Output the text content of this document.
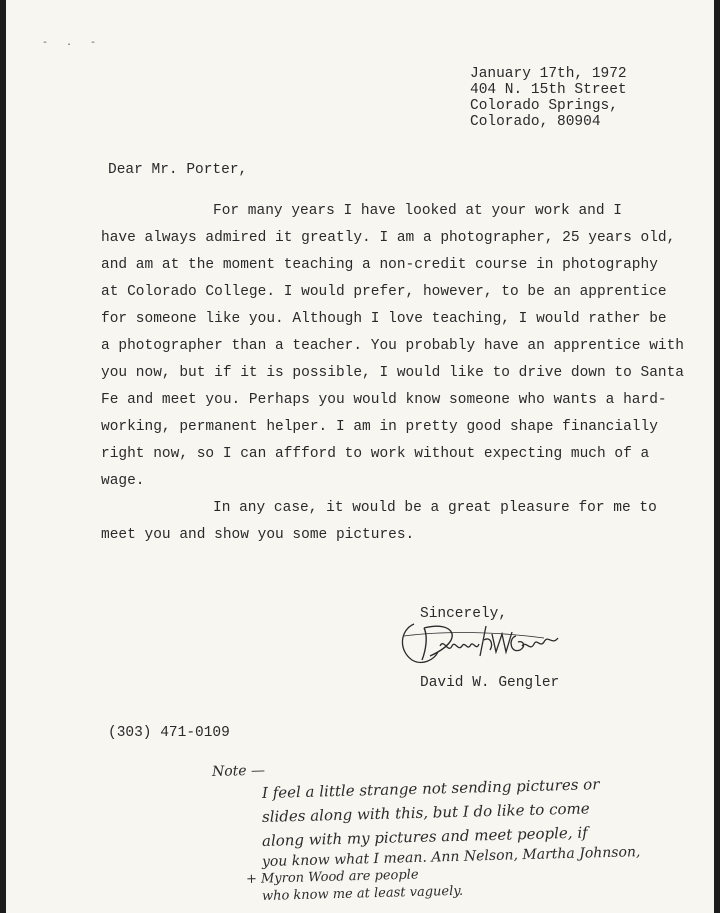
- . -
January 17th, 1972
404 N. 15th Street
Colorado Springs,
Colorado, 80904
Dear Mr. Porter,
For many years I have looked at your work and I
have always admired it greatly. I am a photographer, 25 years old,
and am at the moment teaching a non-credit course in photography
at Colorado College. I would prefer, however, to be an apprentice
for someone like you. Although I love teaching, I would rather be
a photographer than a teacher. You probably have an apprentice with
you now, but if it is possible, I would like to drive down to Santa
Fe and meet you. Perhaps you would know someone who wants a hard-
working, permanent helper. I am in pretty good shape financially
right now, so I can affford to work without expecting much of a
wage.
In any case, it would be a great pleasure for me to
meet you and show you some pictures.
Sincerely,
David W. Gengler
(303) 471-0109
Note —
I feel a little strange not sending pictures or
slides along with this, but I do like to come
along with my pictures and meet people, if
you know what I mean. Ann Nelson, Martha Johnson,
+ Myron Wood are people
who know me at least vaguely.
